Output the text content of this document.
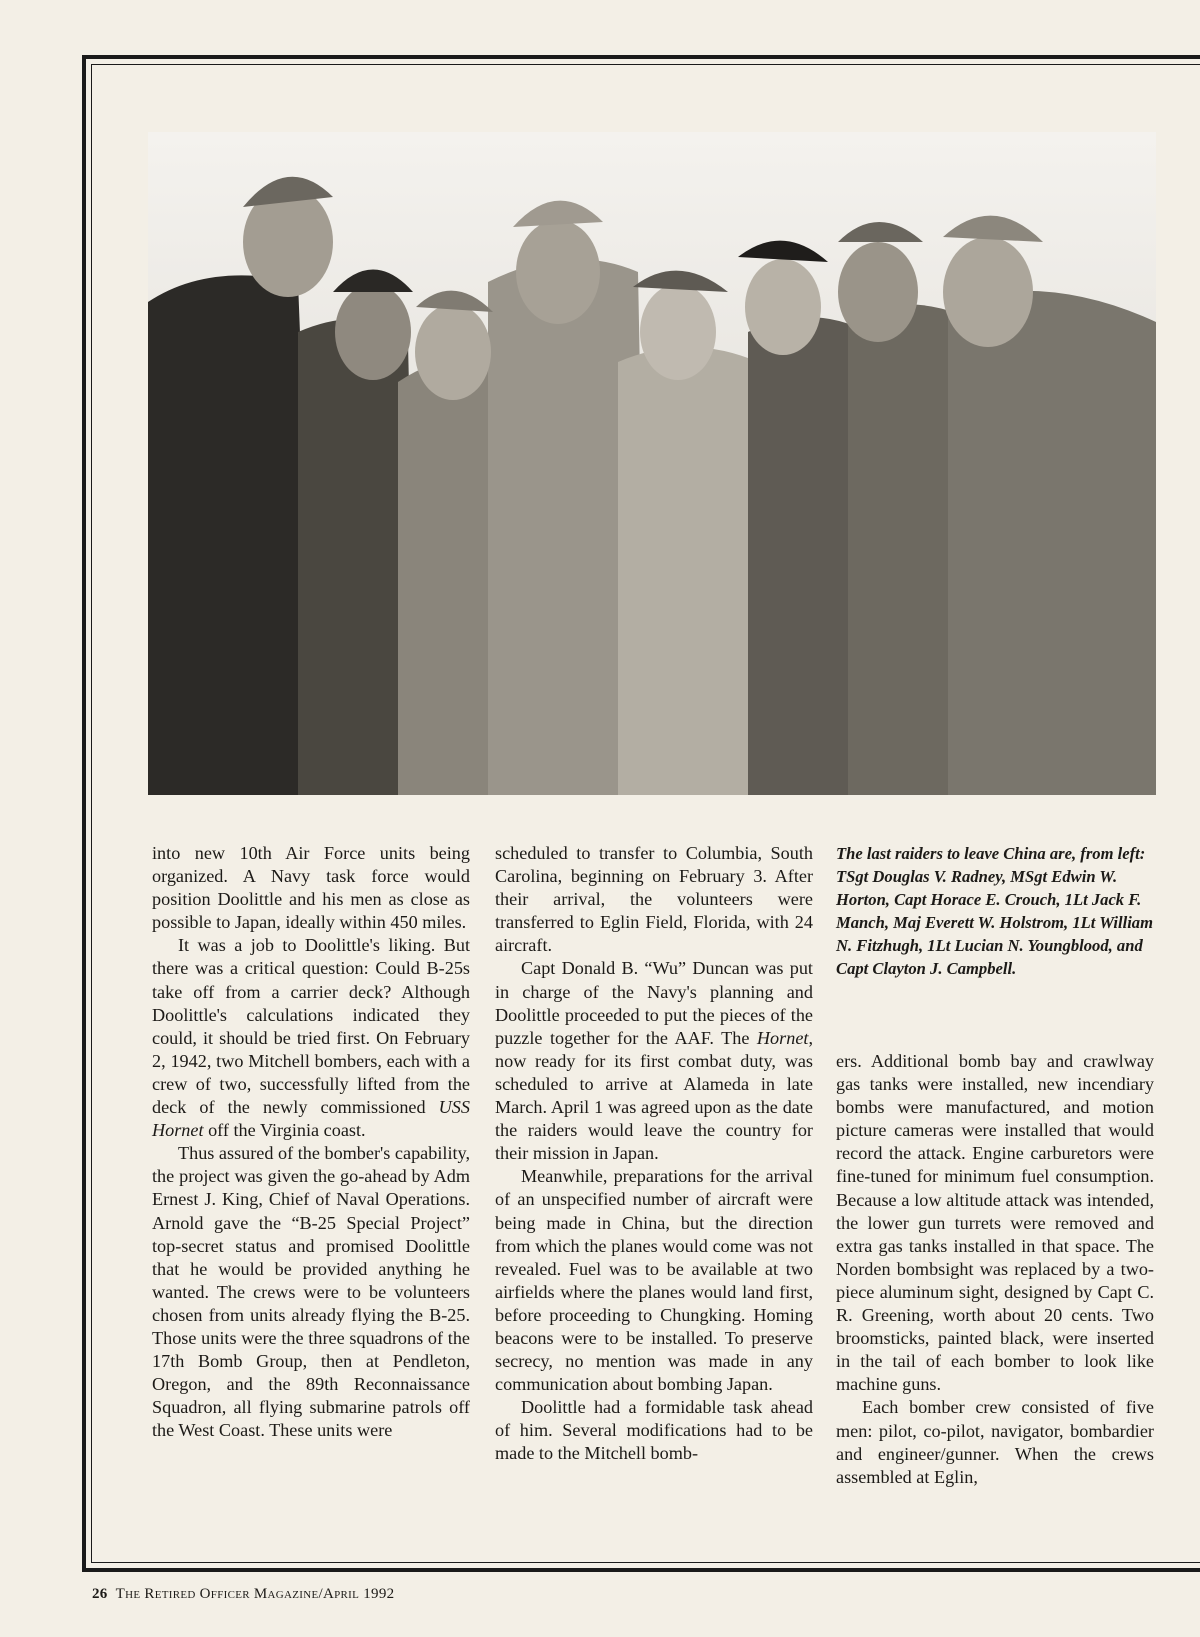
into new 10th Air Force units being organized. A Navy task force would position Doolittle and his men as close as possible to Japan, ideally within 450 miles.

It was a job to Doolittle's liking. But there was a critical question: Could B-25s take off from a carrier deck? Although Doolittle's calculations indicated they could, it should be tried first. On February 2, 1942, two Mitchell bombers, each with a crew of two, successfully lifted from the deck of the newly commissioned USS Hornet off the Virginia coast.

Thus assured of the bomber's capability, the project was given the go-ahead by Adm Ernest J. King, Chief of Naval Operations. Arnold gave the “B-25 Special Project” top-secret status and promised Doolittle that he would be provided anything he wanted. The crews were to be volunteers chosen from units already flying the B-25. Those units were the three squadrons of the 17th Bomb Group, then at Pendleton, Oregon, and the 89th Reconnaissance Squadron, all flying submarine patrols off the West Coast. These units were

scheduled to transfer to Columbia, South Carolina, beginning on February 3. After their arrival, the volunteers were transferred to Eglin Field, Florida, with 24 aircraft.

Capt Donald B. “Wu” Duncan was put in charge of the Navy's planning and Doolittle proceeded to put the pieces of the puzzle together for the AAF. The Hornet, now ready for its first combat duty, was scheduled to arrive at Alameda in late March. April 1 was agreed upon as the date the raiders would leave the country for their mission in Japan.

Meanwhile, preparations for the arrival of an unspecified number of aircraft were being made in China, but the direction from which the planes would come was not revealed. Fuel was to be available at two airfields where the planes would land first, before proceeding to Chungking. Homing beacons were to be installed. To preserve secrecy, no mention was made in any communication about bombing Japan.

Doolittle had a formidable task ahead of him. Several modifications had to be made to the Mitchell bomb-

The last raiders to leave China are, from left: TSgt Douglas V. Radney, MSgt Edwin W. Horton, Capt Horace E. Crouch, 1Lt Jack F. Manch, Maj Everett W. Holstrom, 1Lt William N. Fitzhugh, 1Lt Lucian N. Youngblood, and Capt Clayton J. Campbell.

ers. Additional bomb bay and crawlway gas tanks were installed, new incendiary bombs were manufactured, and motion picture cameras were installed that would record the attack. Engine carburetors were fine-tuned for minimum fuel consumption. Because a low altitude attack was intended, the lower gun turrets were removed and extra gas tanks installed in that space. The Norden bombsight was replaced by a two-piece aluminum sight, designed by Capt C. R. Greening, worth about 20 cents. Two broomsticks, painted black, were inserted in the tail of each bomber to look like machine guns.

Each bomber crew consisted of five men: pilot, co-pilot, navigator, bombardier and engineer/gunner. When the crews assembled at Eglin,

26 The Retired Officer Magazine/April 1992
